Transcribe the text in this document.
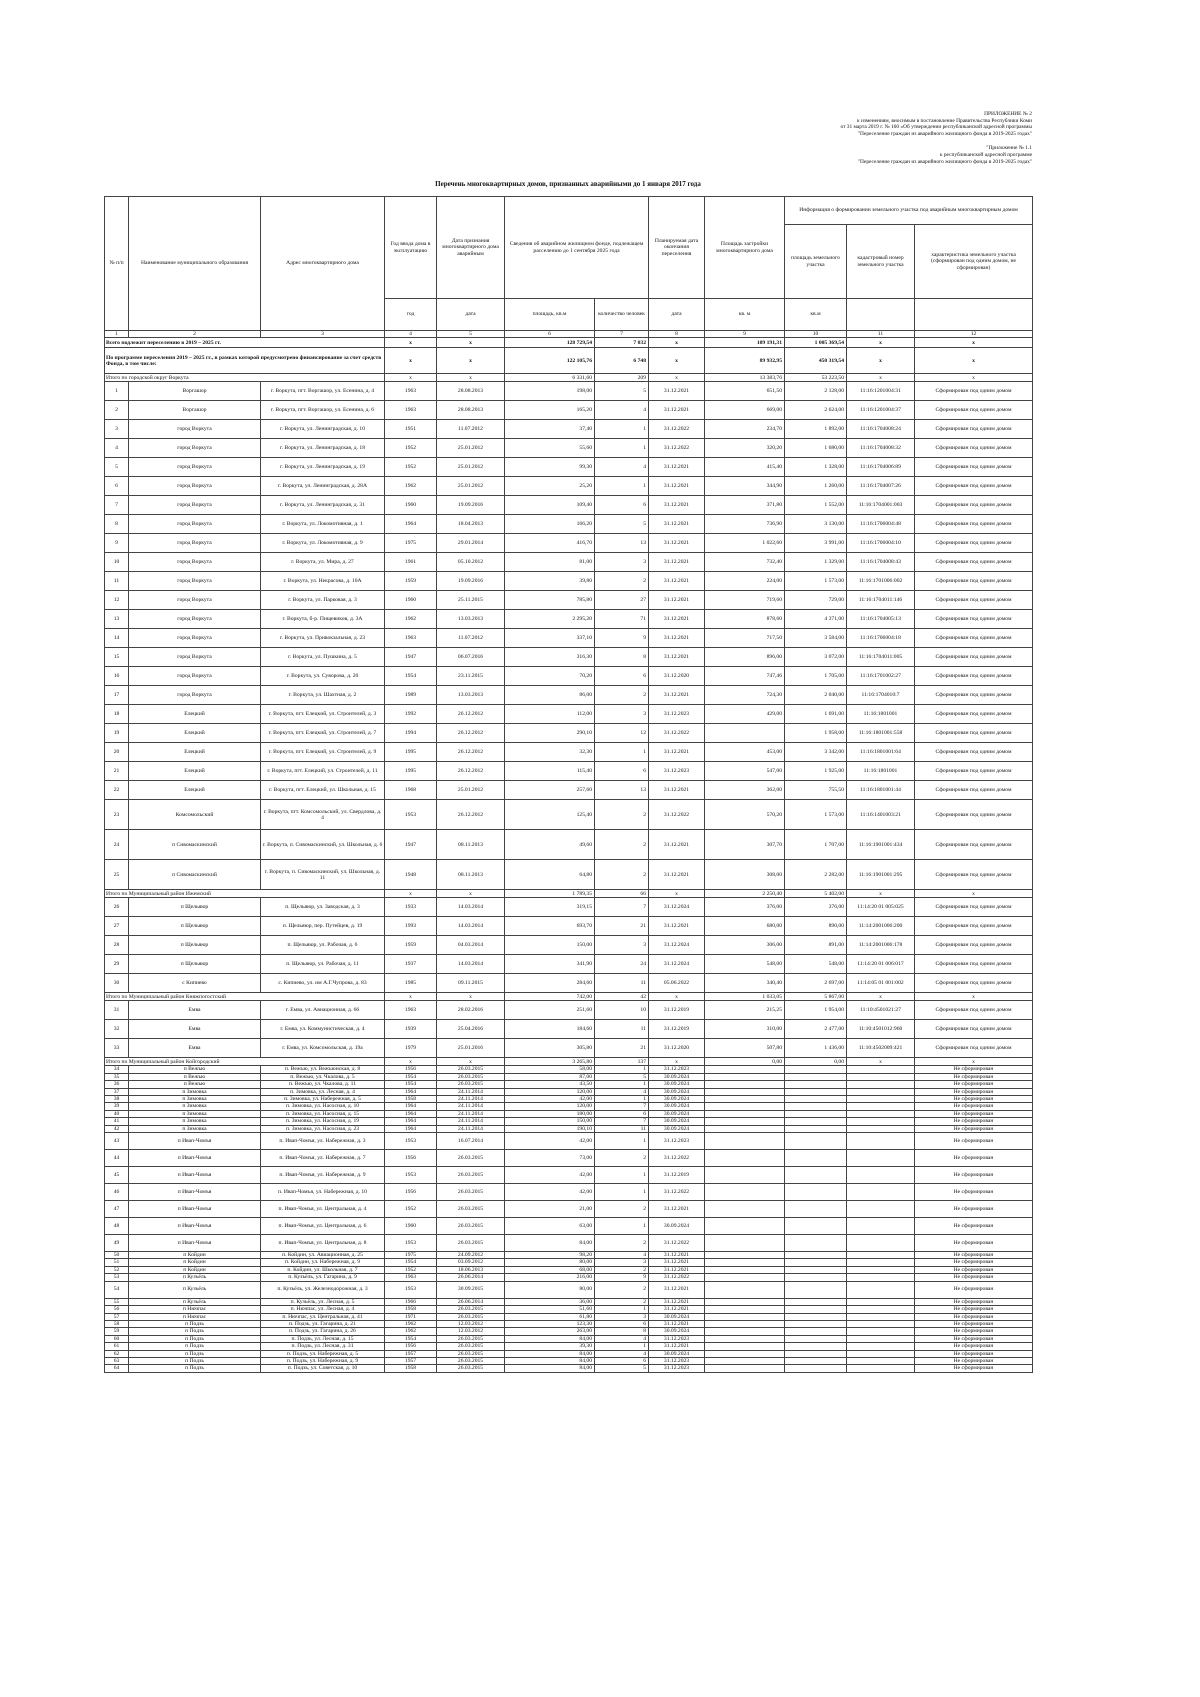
ПРИЛОЖЕНИЕ № 2

к изменениям, вносимым в постановление Правительства Республики Коми

от 31 марта 2019 г. № 160 «Об утверждении республиканской адресной программы

"Переселение граждан из аварийного жилищного фонда в 2019-2025 годах"

"Приложение № 1.1

к республиканской адресной программе

"Переселение граждан из аварийного жилищного фонда в 2019-2025 годах"

Перечень многоквартирных домов, признанных аварийными до 1 января 2017 года
№ п/п	Наименование муниципального образования	Адрес многоквартирного дома	Год ввода дома в эксплуатацию	Дата признания многоквартирного дома аварийным	Сведения об аварийном жилищном фонде, подлежащем расселению до 1 сентября 2025 года		Планируемая дата окончания переселения	Площадь застройки многоквартирного дома	Информация о формировании земельного участка под аварийным многоквартирным домом		
									площадь земельного участка	кадастровый номер земельного участка	характеристика земельного участка (сформирован под одним домом, не сформирован)
			год	дата	площадь, кв.м	количество человек	дата	кв. м	кв.м		
1	2	3	4	5	6	7	8	9	10	11	12
Всего подлежит переселению в 2019 – 2025 гг.			х	х	128 729,54	7 032	х	109 191,31	1 005 369,54	х	х
По программе переселения 2019 – 2025 гг., в рамках которой предусмотрено финансирование за счет средств Фонда, в том числе:			х	х	122 105,76	6 748	х	89 932,95	450 319,54	х	х
Итого по городской округ Воркута			х	х	6 331,60	209	х	13 383,76	53 223,50	х	х
1	Воргашор	г. Воркута, пгт. Воргашор, ул. Есенина, д. 4	1963	28.08.2013	198,00	5	31.12.2021	651,50	2 128,00	11:16:1201004:31	Сформирован под одним домом
2	Воргашор	г. Воркута, пгт. Воргашор, ул. Есенина, д. 6	1963	28.08.2013	165,20	4	31.12.2021	669,00	2 624,00	11:16:1201004:37	Сформирован под одним домом
3	город Воркута	г. Воркута, ул. Ленинградская, д. 10	1951	11.07.2012	37,40	1	31.12.2022	234,70	1 892,00	11:16:1704008:24	Сформирован под одним домом
4	город Воркута	г. Воркута, ул. Ленинградская, д. 18	1952	25.01.2012	55,60	1	31.12.2022	320,20	1 680,00	11:16:1704008:32	Сформирован под одним домом
5	город Воркута	г. Воркута, ул. Ленинградская, д. 19	1952	25.01.2012	99,30	4	31.12.2021	415,40	1 328,00	11:16:1704006:89	Сформирован под одним домом
6	город Воркута	г. Воркута, ул. Ленинградская, д. 28А	1962	25.01.2012	25,20	1	31.12.2021	344,90	1 260,00	11:16:1704007:26	Сформирован под одним домом
7	город Воркута	г. Воркута, ул. Ленинградская, д. 31	1960	19.09.2016	109,40	6	31.12.2021	371,80	1 552,00	11:16:1704001:003	Сформирован под одним домом
8	город Воркута	г. Воркута, ул. Локомотивная, д. 1	1964	18.04.2013	166,20	5	31.12.2021	736,90	3 130,00	11:16:1706004:48	Сформирован под одним домом
9	город Воркута	г. Воркута, ул. Локомотивная, д. 9	1975	29.01.2014	416,70	13	31.12.2021	1 022,60	3 991,00	11:16:1706004:10	Сформирован под одним домом
10	город Воркута	г. Воркута, ул. Мира, д. 27	1961	05.10.2012	81,00	3	31.12.2021	732,40	1 329,00	11:16:1704008:43	Сформирован под одним домом
11	город Воркута	г. Воркута, ул. Некрасова, д. 10А	1959	19.09.2016	39,80	2	31.12.2021	224,00	1 573,00	11:16:1701006:002	Сформирован под одним домом
12	город Воркута	г. Воркута, ул. Парковая, д. 3	1960	25.11.2015	785,80	27	31.12.2021	719,60	729,00	11:16:1704011:146	Сформирован под одним домом
13	город Воркута	г. Воркута, б-р. Пищевиков, д. 3А	1962	13.03.2013	2 295,20	71	31.12.2021	878,60	4 371,00	11:16:1704005:13	Сформирован под одним домом
14	город Воркута	г. Воркута, ул. Привокзальная, д. 23	1963	11.07.2012	337,10	9	31.12.2021	717,50	3 584,00	11:16:1706004:18	Сформирован под одним домом
15	город Воркута	г. Воркута, ул. Пушкина, д. 5	1947	06.07.2016	316,30	8	31.12.2021	896,00	3 072,00	11:16:1704011:005	Сформирован под одним домом
16	город Воркута	г. Воркута, ул. Суворова, д. 20	1954	23.11.2015	70,20	6	31.12.2020	747,46	1 705,00	11:16:1701002:27	Сформирован под одним домом
17	город Воркута	г. Воркута, ул. Шахтная, д. 2	1989	13.03.2013	86,00	2	31.12.2021	724,30	2 040,00	11:16:1704010:7	Сформирован под одним домом
18	Елецкий	г. Воркута, пгт. Елецкий, ул. Строителей, д. 3	1992	26.12.2012	112,00	3	31.12.2023	429,00	1 691,00	11:16:1801001	Сформирован под одним домом
19	Елецкий	г. Воркута, пгт. Елецкий, ул. Строителей, д. 7	1994	26.12.2012	290,10	12	31.12.2022		1 958,00	11:16:1801001:558	Сформирован под одним домом
20	Елецкий	г. Воркута, пгт. Елецкий, ул. Строителей, д. 9	1995	26.12.2012	32,30	1	31.12.2021	453,00	3 342,00	11:16:1801001:64	Сформирован под одним домом
21	Елецкий	г. Воркута, пгт. Елецкий, ул. Строителей, д. 11	1995	26.12.2012	115,40	6	31.12.2023	547,00	1 925,00	11:16:1801001	Сформирован под одним домом
22	Елецкий	г. Воркута, пгт. Елецкий, ул. Школьная, д. 15	1968	25.01.2012	257,60	13	31.12.2021	362,00	755,50	11:16:1801001:44	Сформирован под одним домом
23	Комсомольский	г. Воркута, пгт. Комсомольский, ул. Свердлова, д. 4	1953	26.12.2012	125,40	2	31.12.2022	570,20	1 573,00	11:16:1401003:21	Сформирован под одним домом
24	п Сивомаскинский	г. Воркута, п. Сивомаскинский, ул. Школьная, д. 6	1947	08.11.2013	49,60	2	31.12.2021	307,70	1 707,00	11:16:1901001:434	Сформирован под одним домом
25	п Сивомаскинский	г. Воркута, п. Сивомаскинский, ул. Школьная, д. 11	1948	08.11.2013	64,80	2	31.12.2021	308,00	2 282,00	11:16:1901001:295	Сформирован под одним домом
Итого по Муниципальный район Ижемский			х	х	1 789,35	66	х	2 250,40	5 402,00	х	х
26	п Щельяюр	п. Щельяюр, ул. Заводская, д. 3	1933	14.03.2014	319,15	7	31.12.2024	376,00	376,00	11:14:20 01 005:025	Сформирован под одним домом
27	п Щельяюр	п. Щельяюр, пер. Путейцев, д. 19	1993	14.03.2014	693,70	21	31.12.2021	680,00	890,00	11:14:2001006:200	Сформирован под одним домом
28	п Щельяюр	п. Щельяюр, ул. Рабочая, д. 6	1959	04.03.2014	150,00	3	31.12.2024	306,00	891,00	11:14:2001006:178	Сформирован под одним домом
29	п Щельяюр	п. Щельяюр, ул. Рабочая, д. 11	1937	14.03.2014	341,90	24	31.12.2024	548,00	548,00	11:14:20 01 006:017	Сформирован под одним домом
30	с Кипиево	с. Кипиево, ул. им А.Г.Чупрова, д. 83	1985	09.11.2015	284,60	11	05.06.2022	340,40	2 697,00	11:14:05 01 001:002	Сформирован под одним домом
Итого по Муниципальный район Княжпогостский			х	х	742,00	42	х	1 033,05	5 867,00	х	х
31	Емва	г. Емва, ул. Авиационная, д. 66	1963	28.02.2016	251,60	10	31.12.2019	215,25	1 954,00	11:10:4501021:27	Сформирован под одним домом
32	Емва	г. Емва, ул. Коммунистическая, д. 4	1939	25.04.2016	184,60	11	31.12.2019	310,00	2 477,00	11:10:4501012:960	Сформирован под одним домом
33	Емва	г. Емва, ул. Комсомольская, д. 19а	1979	25.01.2016	305,80	21	31.12.2020	507,80	1 436,00	11:10:4502009:421	Сформирован под одним домом
Итого по Муниципальный район Койгородский			х	х	3 265,80	137	х	0,00	0,00	х	х
34	п Вежъю	п. Вежъю, ул. Вежъюнская, д. 8	1956	26.03.2015	58,00	1	31.12.2023				Не сформирован
35	п Вежъю	п. Вежъю, ул. Чкалова, д. 5	1954	26.03.2015	87,00	5	30.09.2024				Не сформирован
36	п Вежъю	п. Вежъю, ул. Чкалова, д. 11	1954	26.03.2015	43,50	1	30.09.2024				Не сформирован
37	п Зимовка	п. Зимовка, ул. Лесная, д. 4	1964	24.11.2014	120,00	4	30.09.2024				Не сформирован
38	п Зимовка	п. Зимовка, ул. Набережная, д. 5	1958	24.11.2014	42,00	1	30.09.2024				Не сформирован
39	п Зимовка	п. Зимовка, ул. Насосная, д. 10	1964	24.11.2014	120,00	7	30.09.2024				Не сформирован
40	п Зимовка	п. Зимовка, ул. Насосная, д. 15	1964	24.11.2014	180,00	6	30.09.2024				Не сформирован
41	п Зимовка	п. Зимовка, ул. Насосная, д. 19	1964	24.11.2014	150,00	7	30.09.2024				Не сформирован
42	п Зимовка	п. Зимовка, ул. Насосная, д. 23	1964	24.11.2014	190,10	11	30.09.2024				Не сформирован
43	п Ивап-Чомъя	п. Ивап-Чомъя, ул. Набережная, д. 3	1953	16.07.2014	42,00	1	31.12.2023				Не сформирован
44	п Ивап-Чомъя	п. Ивап-Чомъя, ул. Набережная, д. 7	1956	26.03.2015	73,00	2	31.12.2022				Не сформирован
45	п Ивап-Чомъя	п. Ивап-Чомъя, ул. Набережная, д. 9	1953	26.03.2015	42,00	1	31.12.2019				Не сформирован
46	п Ивап-Чомъя	п. Ивап-Чомъя, ул. Набережная, д. 10	1956	26.03.2015	42,00	1	31.12.2022				Не сформирован
47	п Ивап-Чомъя	п. Ивап-Чомъя, ул. Центральная, д. 4	1952	26.03.2015	21,00	2	31.12.2021				Не сформирован
48	п Ивап-Чомъя	п. Ивап-Чомъя, ул. Центральная, д. 6	1960	26.03.2015	63,00	1	30.09.2024				Не сформирован
49	п Ивап-Чомъя	п. Ивап-Чомъя, ул. Центральная, д. 8	1953	26.03.2015	84,00	2	31.12.2022				Не сформирован
50	п Койдин	п. Койдин, ул. Авиационная, д. 25	1975	24.09.2012	98,20	4	31.12.2021				Не сформирован
51	п Койдин	п. Койдин, ул. Набережная, д. 9	1954	03.09.2012	80,00	3	31.12.2021				Не сформирован
52	п Койдин	п. Койдин, ул. Школьная, д. 7	1952	18.06.2013	68,00	2	31.12.2021				Не сформирован
53	п Кузъёль	п. Кузъёль, ул. Гагарина, д. 9	1963	26.06.2014	216,00	9	31.12.2022				Не сформирован
54	п Кузъёль	п. Кузъёль, ул. Железнодорожная, д. 3	1953	30.09.2015	80,00	2	31.12.2021				Не сформирован
55	п Кузъёль	п. Кузъёль, ул. Лесная, д. 5	1966	26.06.2014	36,00	2	31.12.2021				Не сформирован
56	п Нючпас	п. Нючпас, ул. Лесная, д. 4	1958	26.03.2015	51,60	1	31.12.2021				Не сформирован
57	п Нючпас	п. Нючпас, ул. Центральная, д. 41	1971	26.03.2015	61,80	3	30.09.2024				Не сформирован
58	п Подзь	п. Подзь, ул. Гагарина, д. 21	1962	12.03.2012	123,30	6	31.12.2021				Не сформирован
59	п Подзь	п. Подзь, ул. Гагарина, д. 26	1962	12.03.2012	263,00	8	30.09.2024				Не сформирован
60	п Подзь	п. Подзь, ул. Лесная, д. 15	1954	26.03.2015	84,00	4	31.12.2023				Не сформирован
61	п Подзь	п. Подзь, ул. Лесная, д. 31	1956	26.03.2015	39,30	1	31.12.2021				Не сформирован
62	п Подзь	п. Подзь, ул. Набережная, д. 5	1957	26.03.2015	84,00	4	30.09.2024				Не сформирован
63	п Подзь	п. Подзь, ул. Набережная, д. 9	1957	26.03.2015	84,00	6	31.12.2023				Не сформирован
64	п Подзь	п. Подзь, ул. Советская, д. 10	1958	26.03.2015	84,00	5	31.12.2023				Не сформирован
